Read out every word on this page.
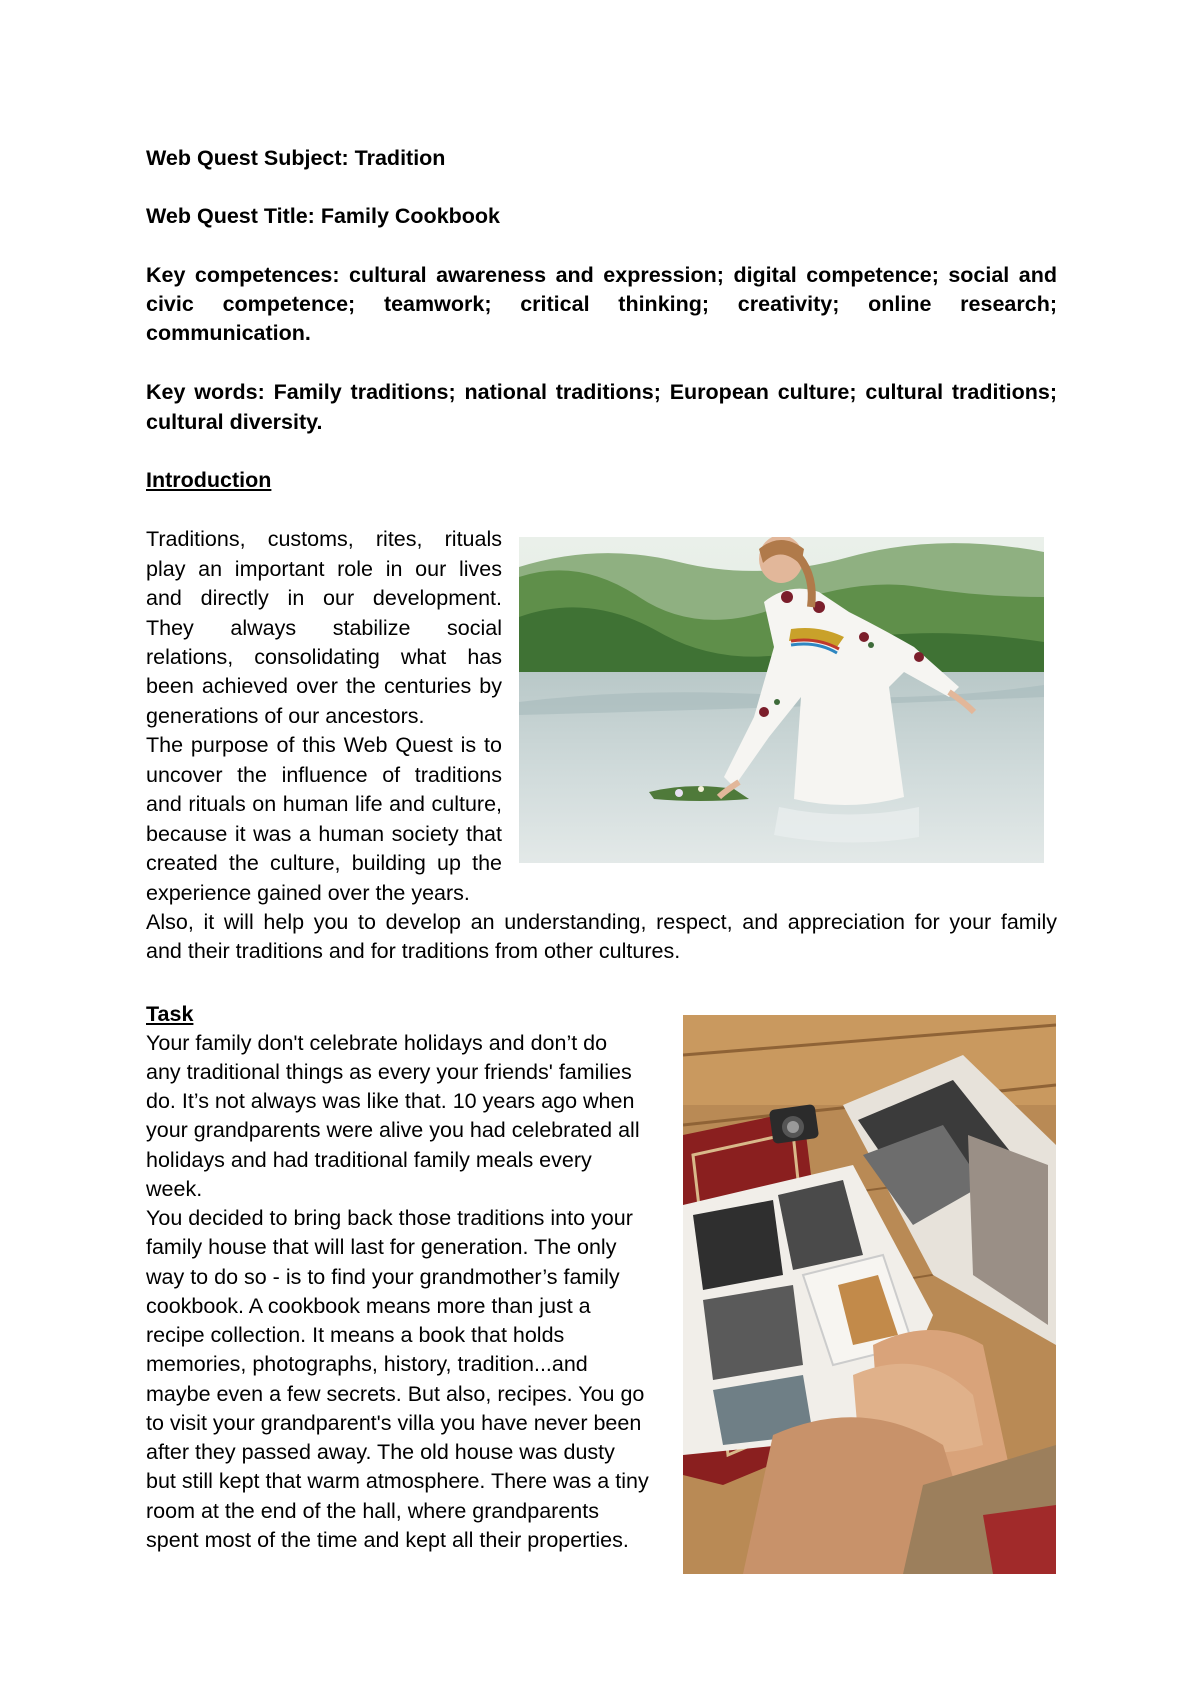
Web Quest Subject: Tradition
Web Quest Title: Family Cookbook
Key competences: cultural awareness and expression; digital competence; social and
civic competence; teamwork; critical thinking; creativity; online research;
communication.
Key words: Family traditions; national traditions; European culture; cultural traditions;
cultural diversity.
Introduction
Traditions, customs, rites, rituals
play an important role in our lives
and directly in our development.
They always stabilize social
relations, consolidating what has
been achieved over the centuries by
generations of our ancestors.
The purpose of this Web Quest is to
uncover the influence of traditions
and rituals on human life and culture,
because it was a human society that
created the culture, building up the
experience gained over the years.
Also, it will help you to develop an understanding, respect, and appreciation for your family
and their traditions and for traditions from other cultures.
Task
Your family don't celebrate holidays and don’t do
any traditional things as every your friends' families
do. It’s not always was like that. 10 years ago when
your grandparents were alive you had celebrated all
holidays and had traditional family meals every
week.
You decided to bring back those traditions into your
family house that will last for generation. The only
way to do so - is to find your grandmother’s family
cookbook. A cookbook means more than just a
recipe collection. It means a book that holds
memories, photographs, history, tradition...and
maybe even a few secrets. But also, recipes. You go
to visit your grandparent's villa you have never been
after they passed away. The old house was dusty
but still kept that warm atmosphere. There was a tiny
room at the end of the hall, where grandparents
spent most of the time and kept all their properties.
